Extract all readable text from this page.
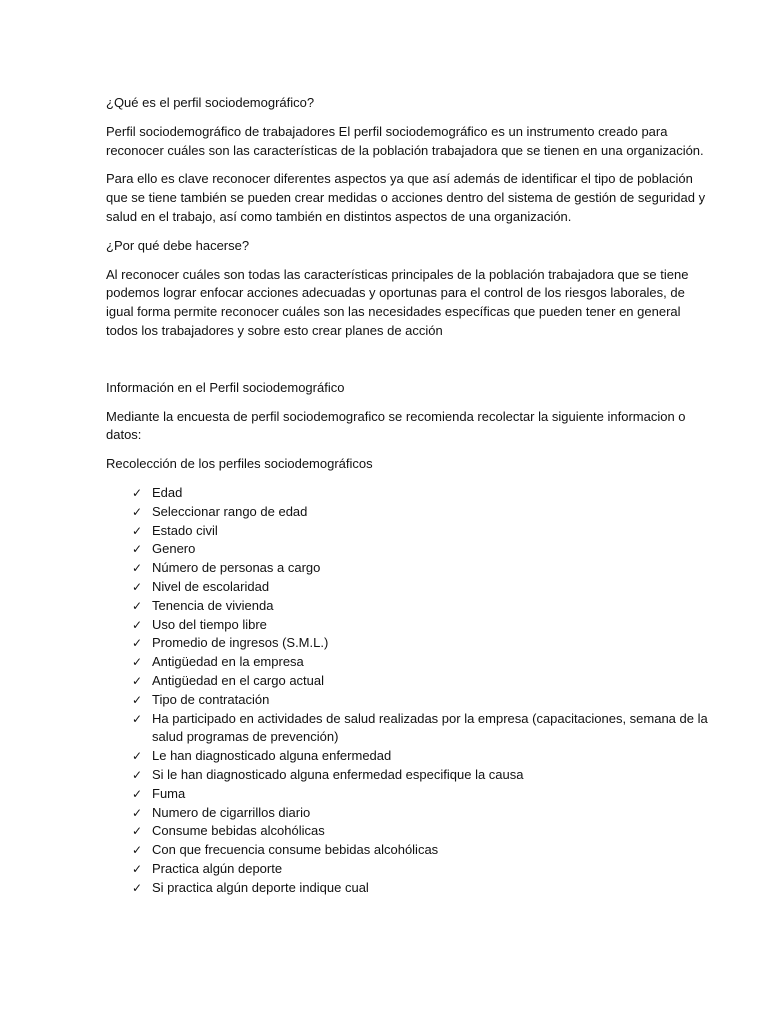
¿Qué es el perfil sociodemográfico?

Perfil sociodemográfico de trabajadores El perfil sociodemográfico es un instrumento creado para reconocer cuáles son las características de la población trabajadora que se tienen en una organización.

Para ello es clave reconocer diferentes aspectos ya que así además de identificar el tipo de población que se tiene también se pueden crear medidas o acciones dentro del sistema de gestión de seguridad y salud en el trabajo, así como también en distintos aspectos de una organización.

¿Por qué debe hacerse?

Al reconocer cuáles son todas las características principales de la población trabajadora que se tiene podemos lograr enfocar acciones adecuadas y oportunas para el control de los riesgos laborales, de igual forma permite reconocer cuáles son las necesidades específicas que pueden tener en general todos los trabajadores y sobre esto crear planes de acción

Información en el Perfil sociodemográfico

Mediante la encuesta de perfil sociodemografico se recomienda recolectar la siguiente informacion o datos:

Recolección de los perfiles sociodemográficos

✓ Edad
✓ Seleccionar rango de edad
✓ Estado civil
✓ Genero
✓ Número de personas a cargo
✓ Nivel de escolaridad
✓ Tenencia de vivienda
✓ Uso del tiempo libre
✓ Promedio de ingresos (S.M.L.)
✓ Antigüedad en la empresa
✓ Antigüedad en el cargo actual
✓ Tipo de contratación
✓ Ha participado en actividades de salud realizadas por la empresa (capacitaciones, semana de la salud programas de prevención)
✓ Le han diagnosticado alguna enfermedad
✓ Si le han diagnosticado alguna enfermedad especifique la causa
✓ Fuma
✓ Numero de cigarrillos diario
✓ Consume bebidas alcohólicas
✓ Con que frecuencia consume bebidas alcohólicas
✓ Practica algún deporte
✓ Si practica algún deporte indique cual
